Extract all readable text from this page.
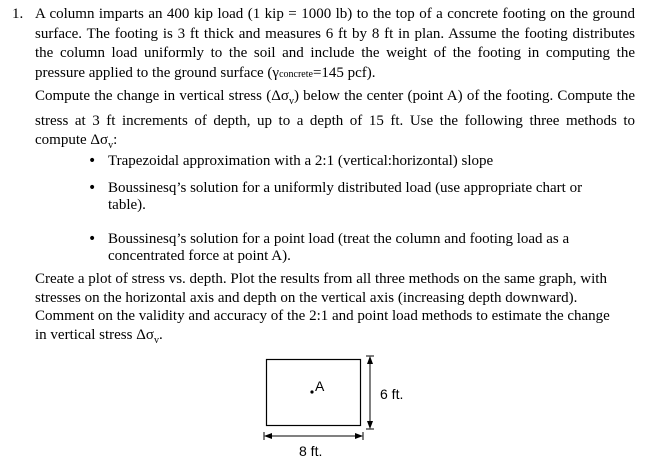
1. A column imparts an 400 kip load (1 kip = 1000 lb) to the top of a concrete footing on the ground surface. The footing is 3 ft thick and measures 6 ft by 8 ft in plan. Assume the footing distributes the column load uniformly to the soil and include the weight of the footing in computing the pressure applied to the ground surface (γconcrete=145 pcf).
Compute the change in vertical stress $(\Delta\sigma_v)$ below the center (point A) of the footing. Compute the stress at 3 ft increments of depth, up to a depth of 15 ft. Use the following three methods to compute $\Delta\sigma_v$:
• Trapezoidal approximation with a 2:1 (vertical:horizontal) slope
• Boussinesq’s solution for a uniformly distributed load (use appropriate chart or table).
• Boussinesq’s solution for a point load (treat the column and footing load as a concentrated force at point A).
Create a plot of stress vs. depth. Plot the results from all three methods on the same graph, with stresses on the horizontal axis and depth on the vertical axis (increasing depth downward). Comment on the validity and accuracy of the 2:1 and point load methods to estimate the change in vertical stress $\Delta\sigma_v$.
A	6 ft.
8 ft.
